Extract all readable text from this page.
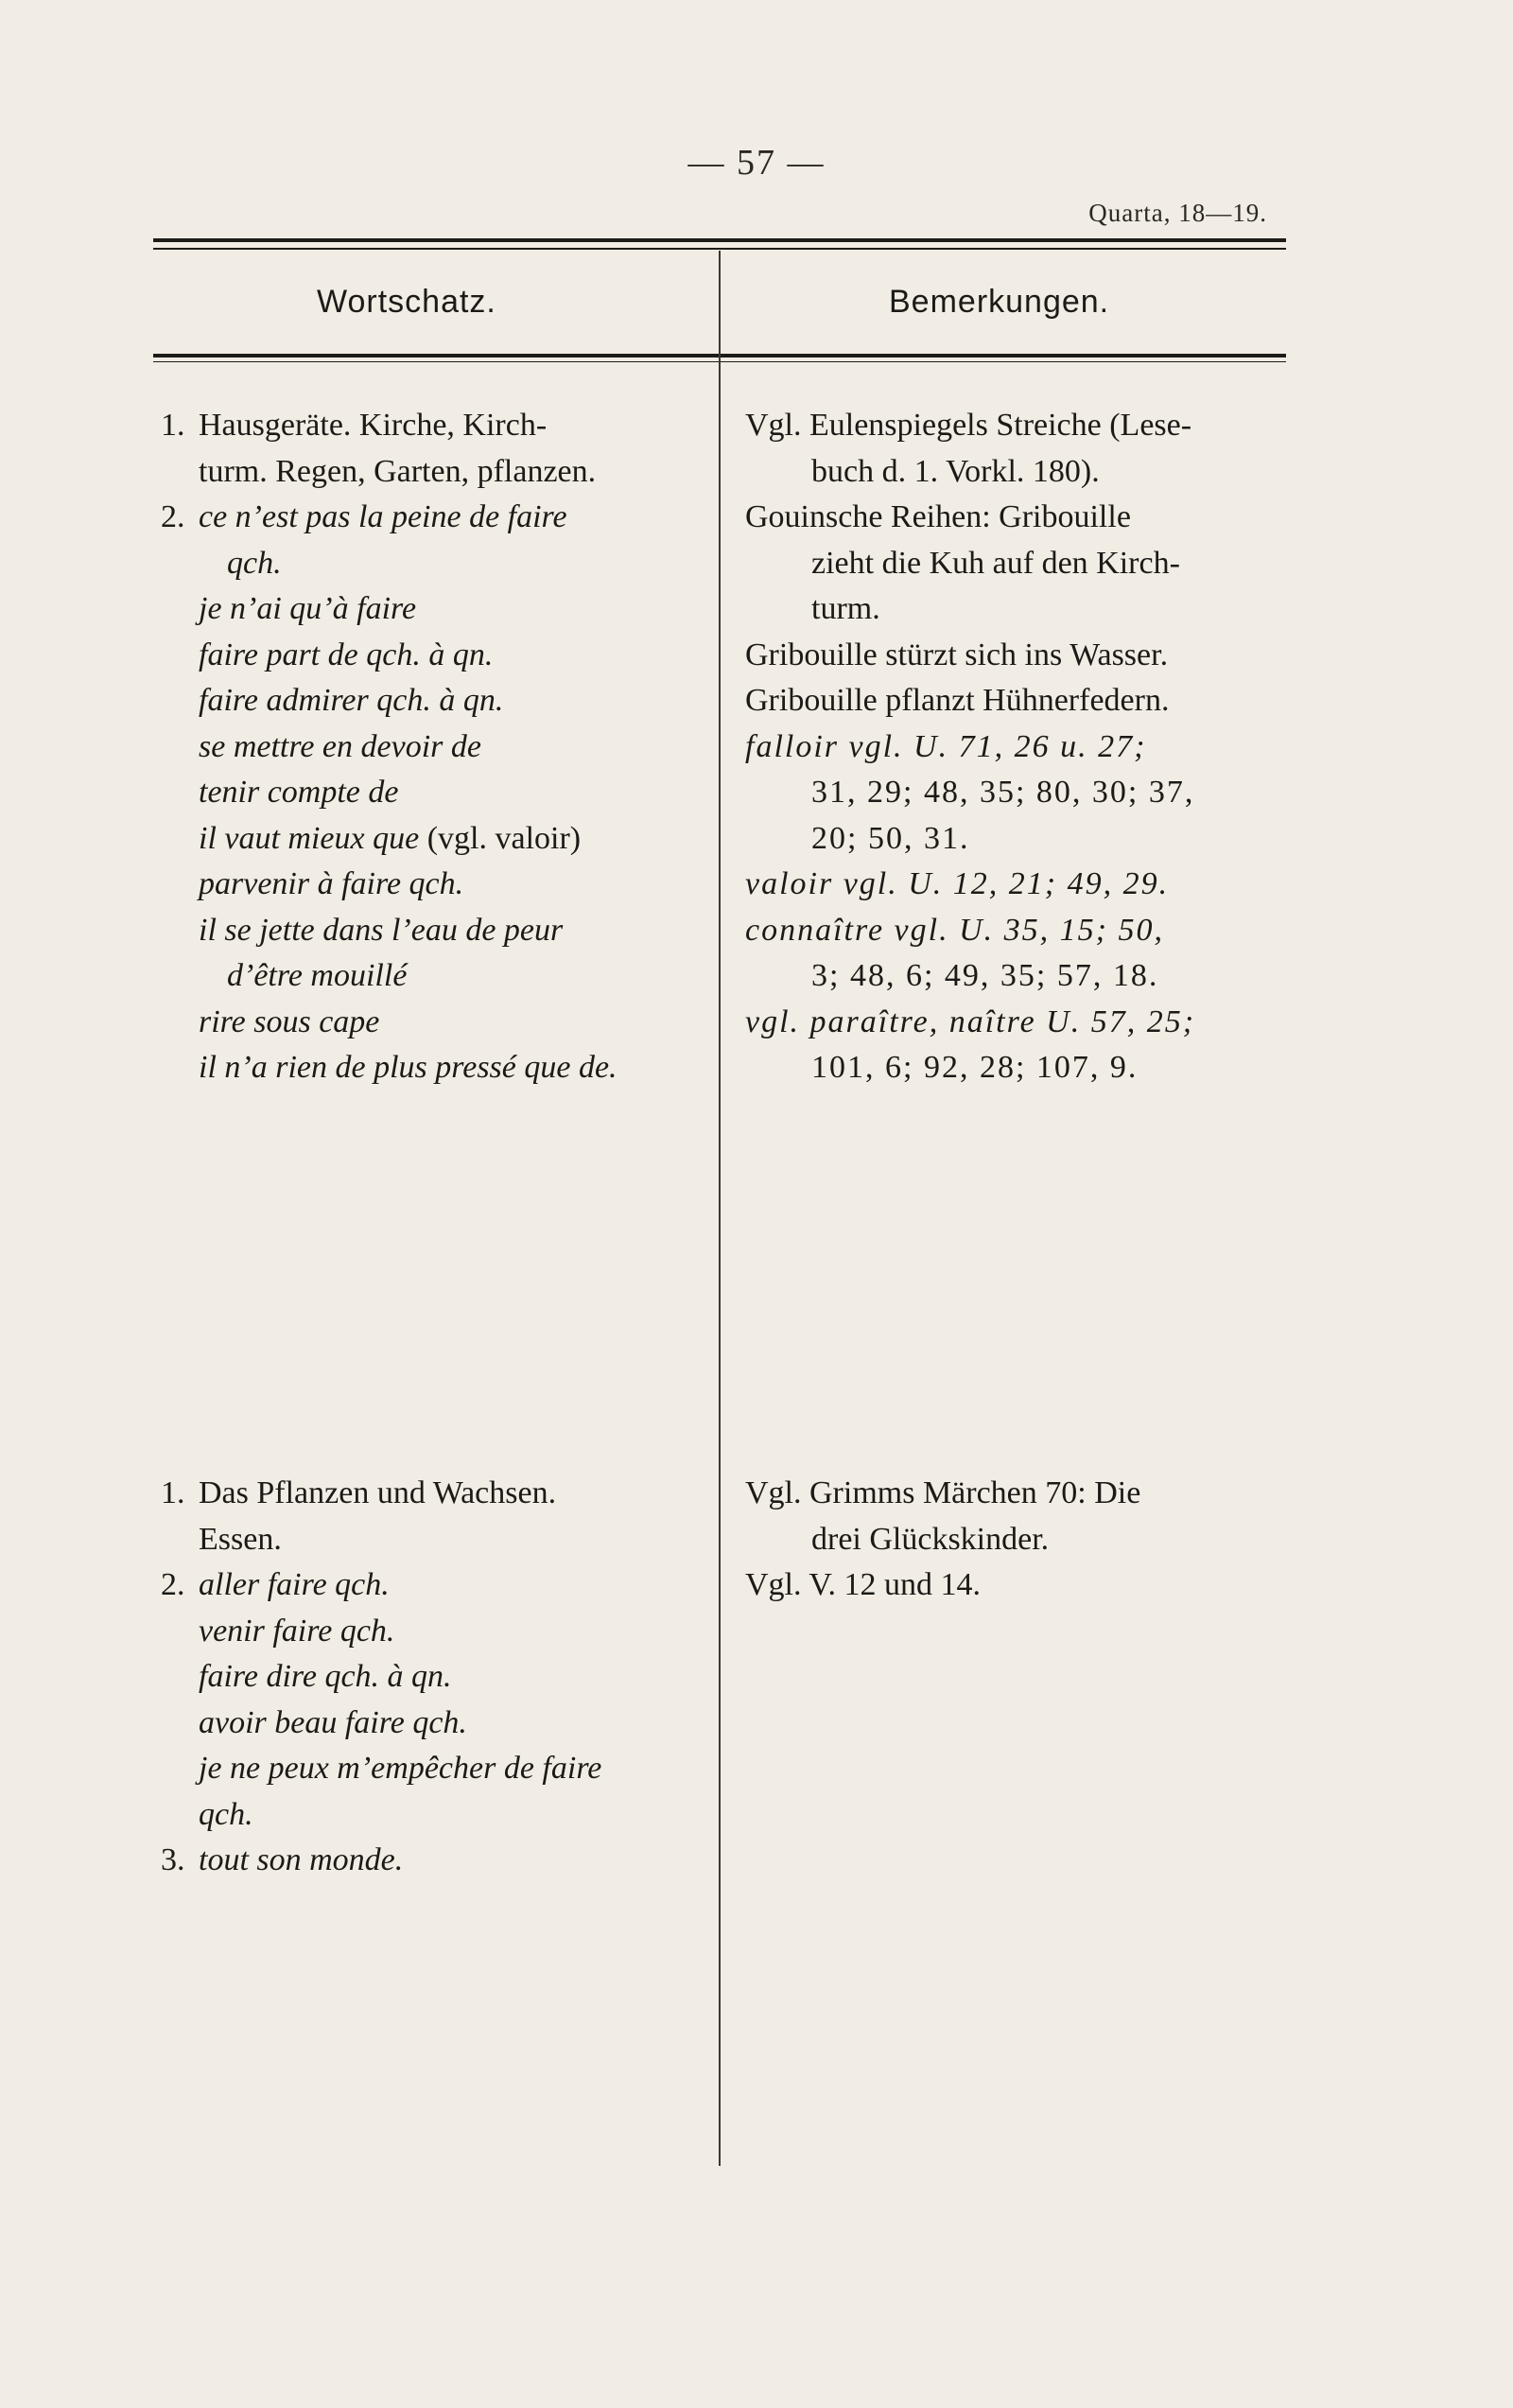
— 57 —
Quarta, 18—19.
Wortschatz.	Bemerkungen.
1. Hausgeräte. Kirche, Kirch-
turm. Regen, Garten, pflanzen.
2. ce n’est pas la peine de faire
qch.
je n’ai qu’à faire
faire part de qch. à qn.
faire admirer qch. à qn.
se mettre en devoir de
tenir compte de
il vaut mieux que (vgl. valoir)
parvenir à faire qch.
il se jette dans l’eau de peur
d’être mouillé
rire sous cape
il n’a rien de plus pressé que de.
Vgl. Eulenspiegels Streiche (Lese-
buch d. 1. Vorkl. 180).
Gouinsche Reihen: Gribouille
zieht die Kuh auf den Kirch-
turm.
Gribouille stürzt sich ins Wasser.
Gribouille pflanzt Hühnerfedern.
falloir vgl. U. 71, 26 u. 27;
31, 29; 48, 35; 80, 30; 37,
20; 50, 31.
valoir vgl. U. 12, 21; 49, 29.
connaître vgl. U. 35, 15; 50,
3; 48, 6; 49, 35; 57, 18.
vgl. paraître, naître U. 57, 25;
101, 6; 92, 28; 107, 9.
1. Das Pflanzen und Wachsen.
Essen.
2. aller faire qch.
venir faire qch.
faire dire qch. à qn.
avoir beau faire qch.
je ne peux m’empêcher de faire
qch.
3. tout son monde.
Vgl. Grimms Märchen 70: Die
drei Glückskinder.
Vgl. V. 12 und 14.
